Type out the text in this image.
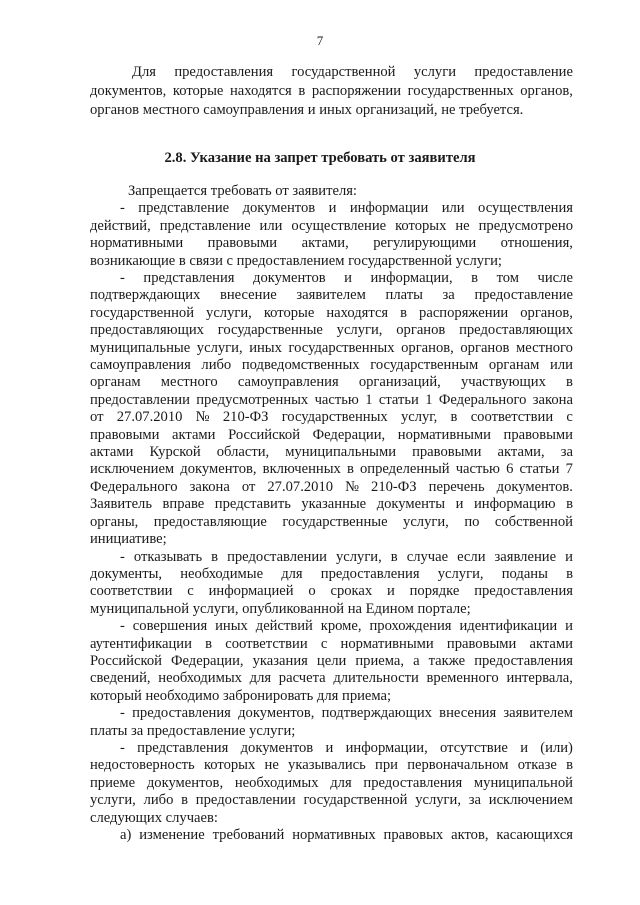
7
Для предоставления государственной услуги предоставление
документов, которые находятся в распоряжении государственных органов,
органов местного самоуправления и иных организаций, не требуется.
2.8. Указание на запрет требовать от заявителя
Запрещается требовать от заявителя:
- представление документов и информации или осуществления
действий, представление или осуществление которых не предусмотрено
нормативными правовыми актами, регулирующими отношения,
возникающие в связи с предоставлением государственной услуги;
- представления документов и информации, в том числе
подтверждающих внесение заявителем платы за предоставление
государственной услуги, которые находятся в распоряжении органов,
предоставляющих государственные услуги, органов предоставляющих
муниципальные услуги, иных государственных органов, органов местного
самоуправления либо подведомственных государственным органам или
органам местного самоуправления организаций, участвующих в
предоставлении предусмотренных частью 1 статьи 1 Федерального закона
от 27.07.2010 № 210-ФЗ государственных услуг, в соответствии с
правовыми актами Российской Федерации, нормативными правовыми
актами Курской области, муниципальными правовыми актами, за
исключением документов, включенных в определенный частью 6 статьи 7
Федерального закона от 27.07.2010 № 210-ФЗ перечень документов.
Заявитель вправе представить указанные документы и информацию в
органы, предоставляющие государственные услуги, по собственной
инициативе;
- отказывать в предоставлении услуги, в случае если заявление и
документы, необходимые для предоставления услуги, поданы в
соответствии с информацией о сроках и порядке предоставления
муниципальной услуги, опубликованной на Едином портале;
- совершения иных действий кроме, прохождения идентификации и
аутентификации в соответствии с нормативными правовыми актами
Российской Федерации, указания цели приема, а также предоставления
сведений, необходимых для расчета длительности временного интервала,
который необходимо забронировать для приема;
- предоставления документов, подтверждающих внесения заявителем
платы за предоставление услуги;
- представления документов и информации, отсутствие и (или)
недостоверность которых не указывались при первоначальном отказе в
приеме документов, необходимых для предоставления муниципальной
услуги, либо в предоставлении государственной услуги, за исключением
следующих случаев:
а) изменение требований нормативных правовых актов, касающихся
